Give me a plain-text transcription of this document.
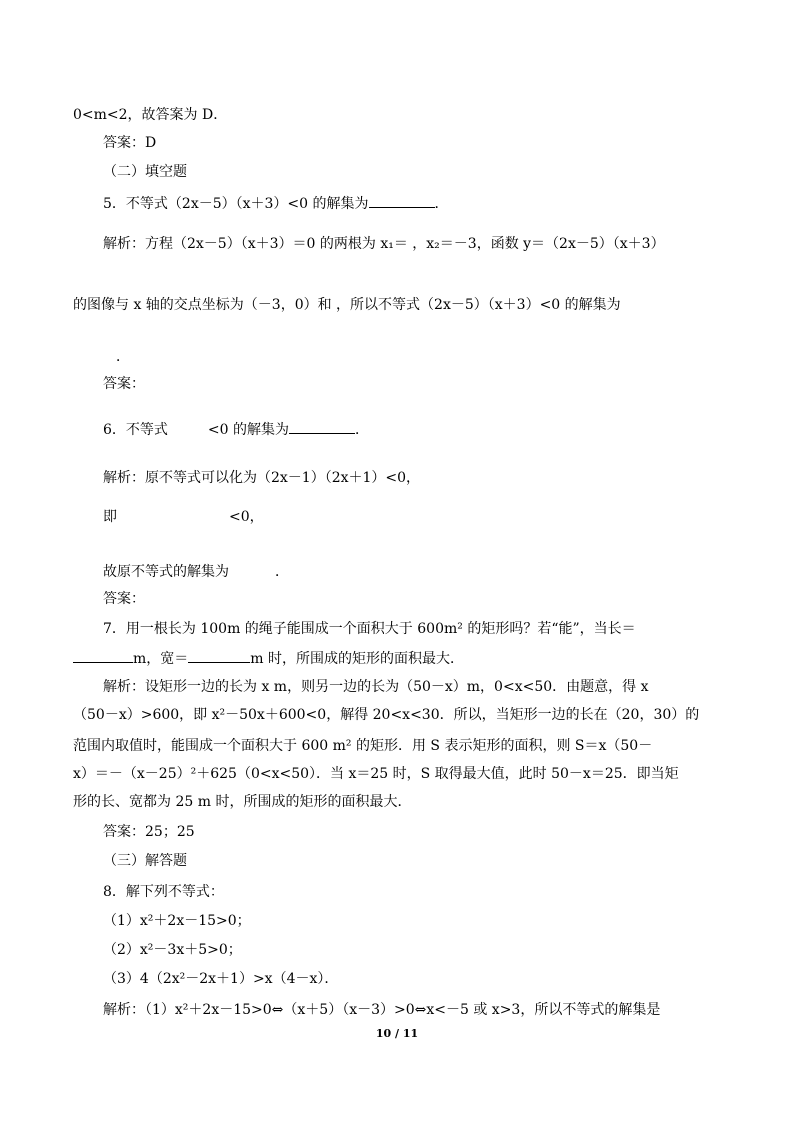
0<m<2，故答案为 D．
答案：D
（二）填空题
5．不等式（2x－5）（x＋3）<0 的解集为	．
解析：方程（2x－5）（x＋3）＝0 的两根为 x₁＝ ，x₂＝－3，函数 y＝（2x－5）（x＋3）
的图像与 x 轴的交点坐标为（－3，0）和 ，所以不等式（2x－5）（x＋3）<0 的解集为
．
答案：
6．不等式	<0 的解集为	．
解析：原不等式可以化为（2x－1）（2x＋1）<0，
即	<0，
故原不等式的解集为	．
答案：
7．用一根长为 100m 的绳子能围成一个面积大于 600m² 的矩形吗？若“能”，当长＝
m，宽＝	m 时，所围成的矩形的面积最大．
解析：设矩形一边的长为 x m，则另一边的长为（50－x）m，0<x<50．由题意，得 x
（50－x）>600，即 x²－50x＋600<0，解得 20<x<30．所以，当矩形一边的长在（20，30）的
范围内取值时，能围成一个面积大于 600 m² 的矩形．用 S 表示矩形的面积，则 S＝x（50－
x）＝－（x－25）²＋625（0<x<50）．当 x＝25 时，S 取得最大值，此时 50－x＝25．即当矩
形的长、宽都为 25 m 时，所围成的矩形的面积最大．
答案：25；25
（三）解答题
8．解下列不等式：
（1）x²＋2x－15>0；
（2）x²－3x＋5>0；
（3）4（2x²－2x＋1）>x（4－x）．
解析：（1）x²＋2x－15>0⇔（x＋5）（x－3）>0⇔x<－5 或 x>3，所以不等式的解集是
10 / 11
